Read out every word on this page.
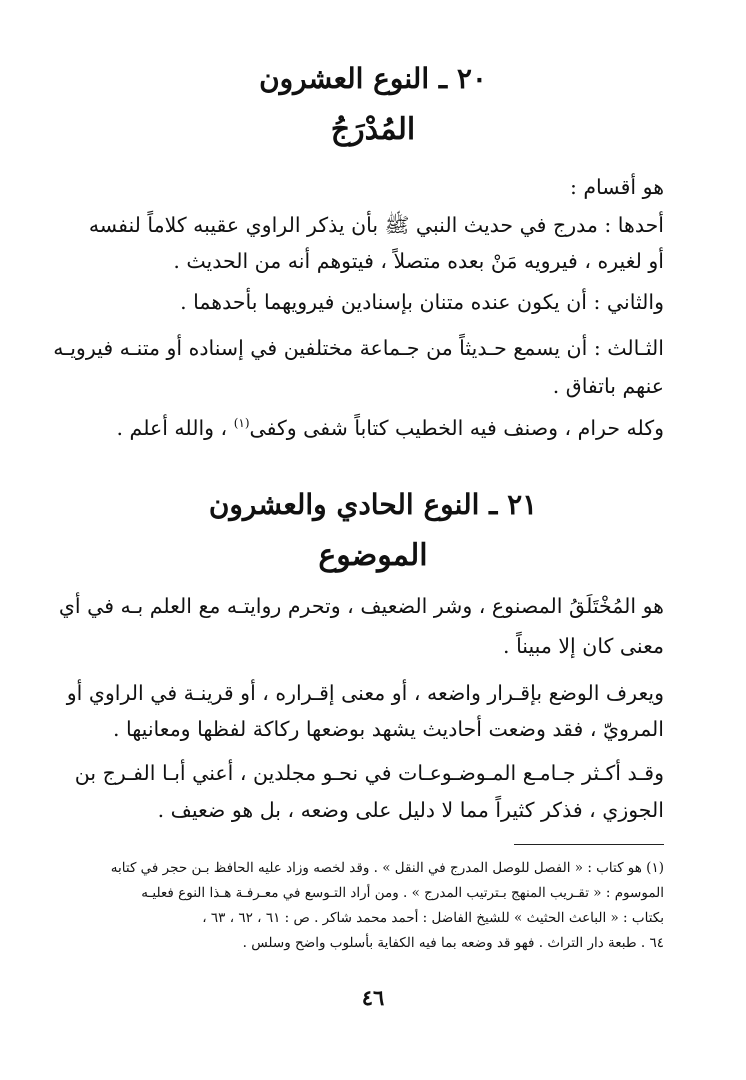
٢٠ ـ النوع العشرون
المُدْرَجُ
هو أقسام :
أحدها : مدرج في حديث النبي ﷺ بأن يذكر الراوي عقيبه كلاماً لنفسه
أو لغيره ، فيرويه مَنْ بعده متصلاً ، فيتوهم أنه من الحديث .
والثاني : أن يكون عنده متنان بإسنادين فيرويهما بأحدهما .
الثـالث : أن يسمع حـديثاً من جـماعة مختلفين في إسناده أو متنـه فيرويـه
عنهم باتفاق .
وكله حرام ، وصنف فيه الخطيب كتاباً شفى وكفى$^{(١)}$ ، والله أعلم .
٢١ ـ النوع الحادي والعشرون
الموضوع
هو المُخْتَلَقُ المصنوع ، وشر الضعيف ، وتحرم روايتـه مع العلم بـه في أي
معنى كان إلا مبيناً .
ويعرف الوضع بإقـرار واضعه ، أو معنى إقـراره ، أو قرينـة في الراوي أو
المرويّ ، فقد وضعت أحاديث يشهد بوضعها ركاكة لفظها ومعانيها .
وقـد أكـثر جـامـع المـوضـوعـات في نحـو مجلدين ، أعني أبـا الفـرج بن
الجوزي ، فذكر كثيراً مما لا دليل على وضعه ، بل هو ضعيف .
(١) هو كتاب : « الفصل للوصل المدرج في النقل » . وقد لخصه وزاد عليه الحافظ بـن حجر في كتابه
الموسوم : « تقـريب المنهج بـترتيب المدرج » . ومن أراد التـوسع في معـرفـة هـذا النوع فعليـه
بكتاب : « الباعث الحثيث » للشيخ الفاضل : أحمد محمد شاكر . ص : ٦١ ، ٦٢ ، ٦٣ ،
٦٤ . طبعة دار التراث . فهو قد وضعه بما فيه الكفاية بأسلوب واضح وسلس .
٤٦
